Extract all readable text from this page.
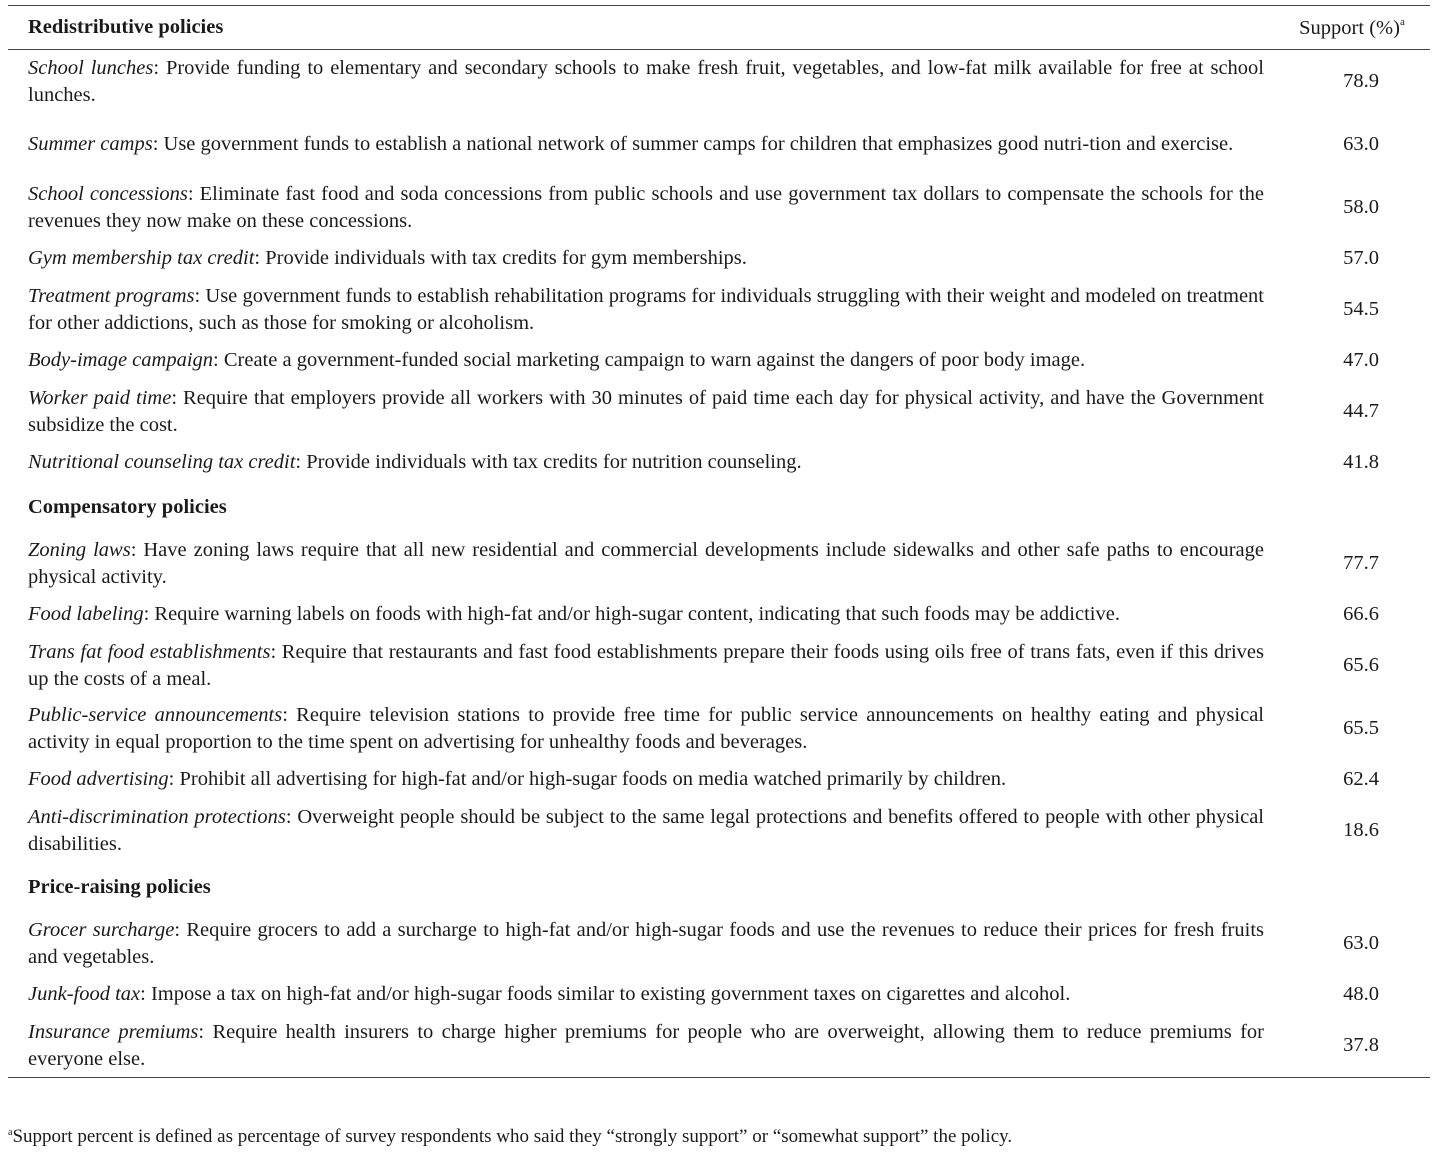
Redistributive policies	Support (%)$^a$
School lunches: Provide funding to elementary and secondary schools to make fresh fruit, vegetables, and low-fat milk available for free at school lunches.	78.9
Summer camps: Use government funds to establish a national network of summer camps for children that emphasizes good nutri-tion and exercise.	63.0
School concessions: Eliminate fast food and soda concessions from public schools and use government tax dollars to compensate the schools for the revenues they now make on these concessions.	58.0
Gym membership tax credit: Provide individuals with tax credits for gym memberships.	57.0
Treatment programs: Use government funds to establish rehabilitation programs for individuals struggling with their weight and modeled on treatment for other addictions, such as those for smoking or alcoholism.	54.5
Body-image campaign: Create a government-funded social marketing campaign to warn against the dangers of poor body image.	47.0
Worker paid time: Require that employers provide all workers with 30 minutes of paid time each day for physical activity, and have the Government subsidize the cost.	44.7
Nutritional counseling tax credit: Provide individuals with tax credits for nutrition counseling.	41.8
Compensatory policies	
Zoning laws: Have zoning laws require that all new residential and commercial developments include sidewalks and other safe paths to encourage physical activity.	77.7
Food labeling: Require warning labels on foods with high-fat and/or high-sugar content, indicating that such foods may be addictive.	66.6
Trans fat food establishments: Require that restaurants and fast food establishments prepare their foods using oils free of trans fats, even if this drives up the costs of a meal.	65.6
Public-service announcements: Require television stations to provide free time for public service announcements on healthy eating and physical activity in equal proportion to the time spent on advertising for unhealthy foods and beverages.	65.5
Food advertising: Prohibit all advertising for high-fat and/or high-sugar foods on media watched primarily by children.	62.4
Anti-discrimination protections: Overweight people should be subject to the same legal protections and benefits offered to people with other physical disabilities.	18.6
Price-raising policies	
Grocer surcharge: Require grocers to add a surcharge to high-fat and/or high-sugar foods and use the revenues to reduce their prices for fresh fruits and vegetables.	63.0
Junk-food tax: Impose a tax on high-fat and/or high-sugar foods similar to existing government taxes on cigarettes and alcohol.	48.0
Insurance premiums: Require health insurers to charge higher premiums for people who are overweight, allowing them to reduce premiums for everyone else.	37.8
$^a$Support percent is defined as percentage of survey respondents who said they “strongly support” or “somewhat support” the policy.
